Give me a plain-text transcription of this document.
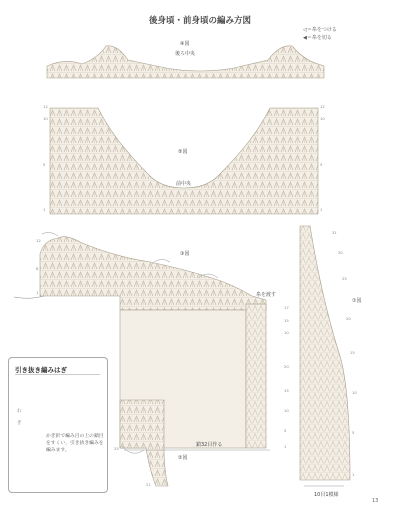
後身頃・前身頃の編み方図
◁＝糸をつける
◀＝糸を切る
④図
後ろ中央
⑤図
前中央
③図
糸を渡す
鎖32目作る
②図
①図
10目1模様
12
10
5
1
12
10
5
1
12
6
1
17
15
10
25
21
20
15
10
5
1
31
30
25
20
15
10
5
1
引き抜き編みはぎ
わ
ぎ
かぎ針で編み目の上の鎖目をすくい、引き抜き編みを編みます。
13
